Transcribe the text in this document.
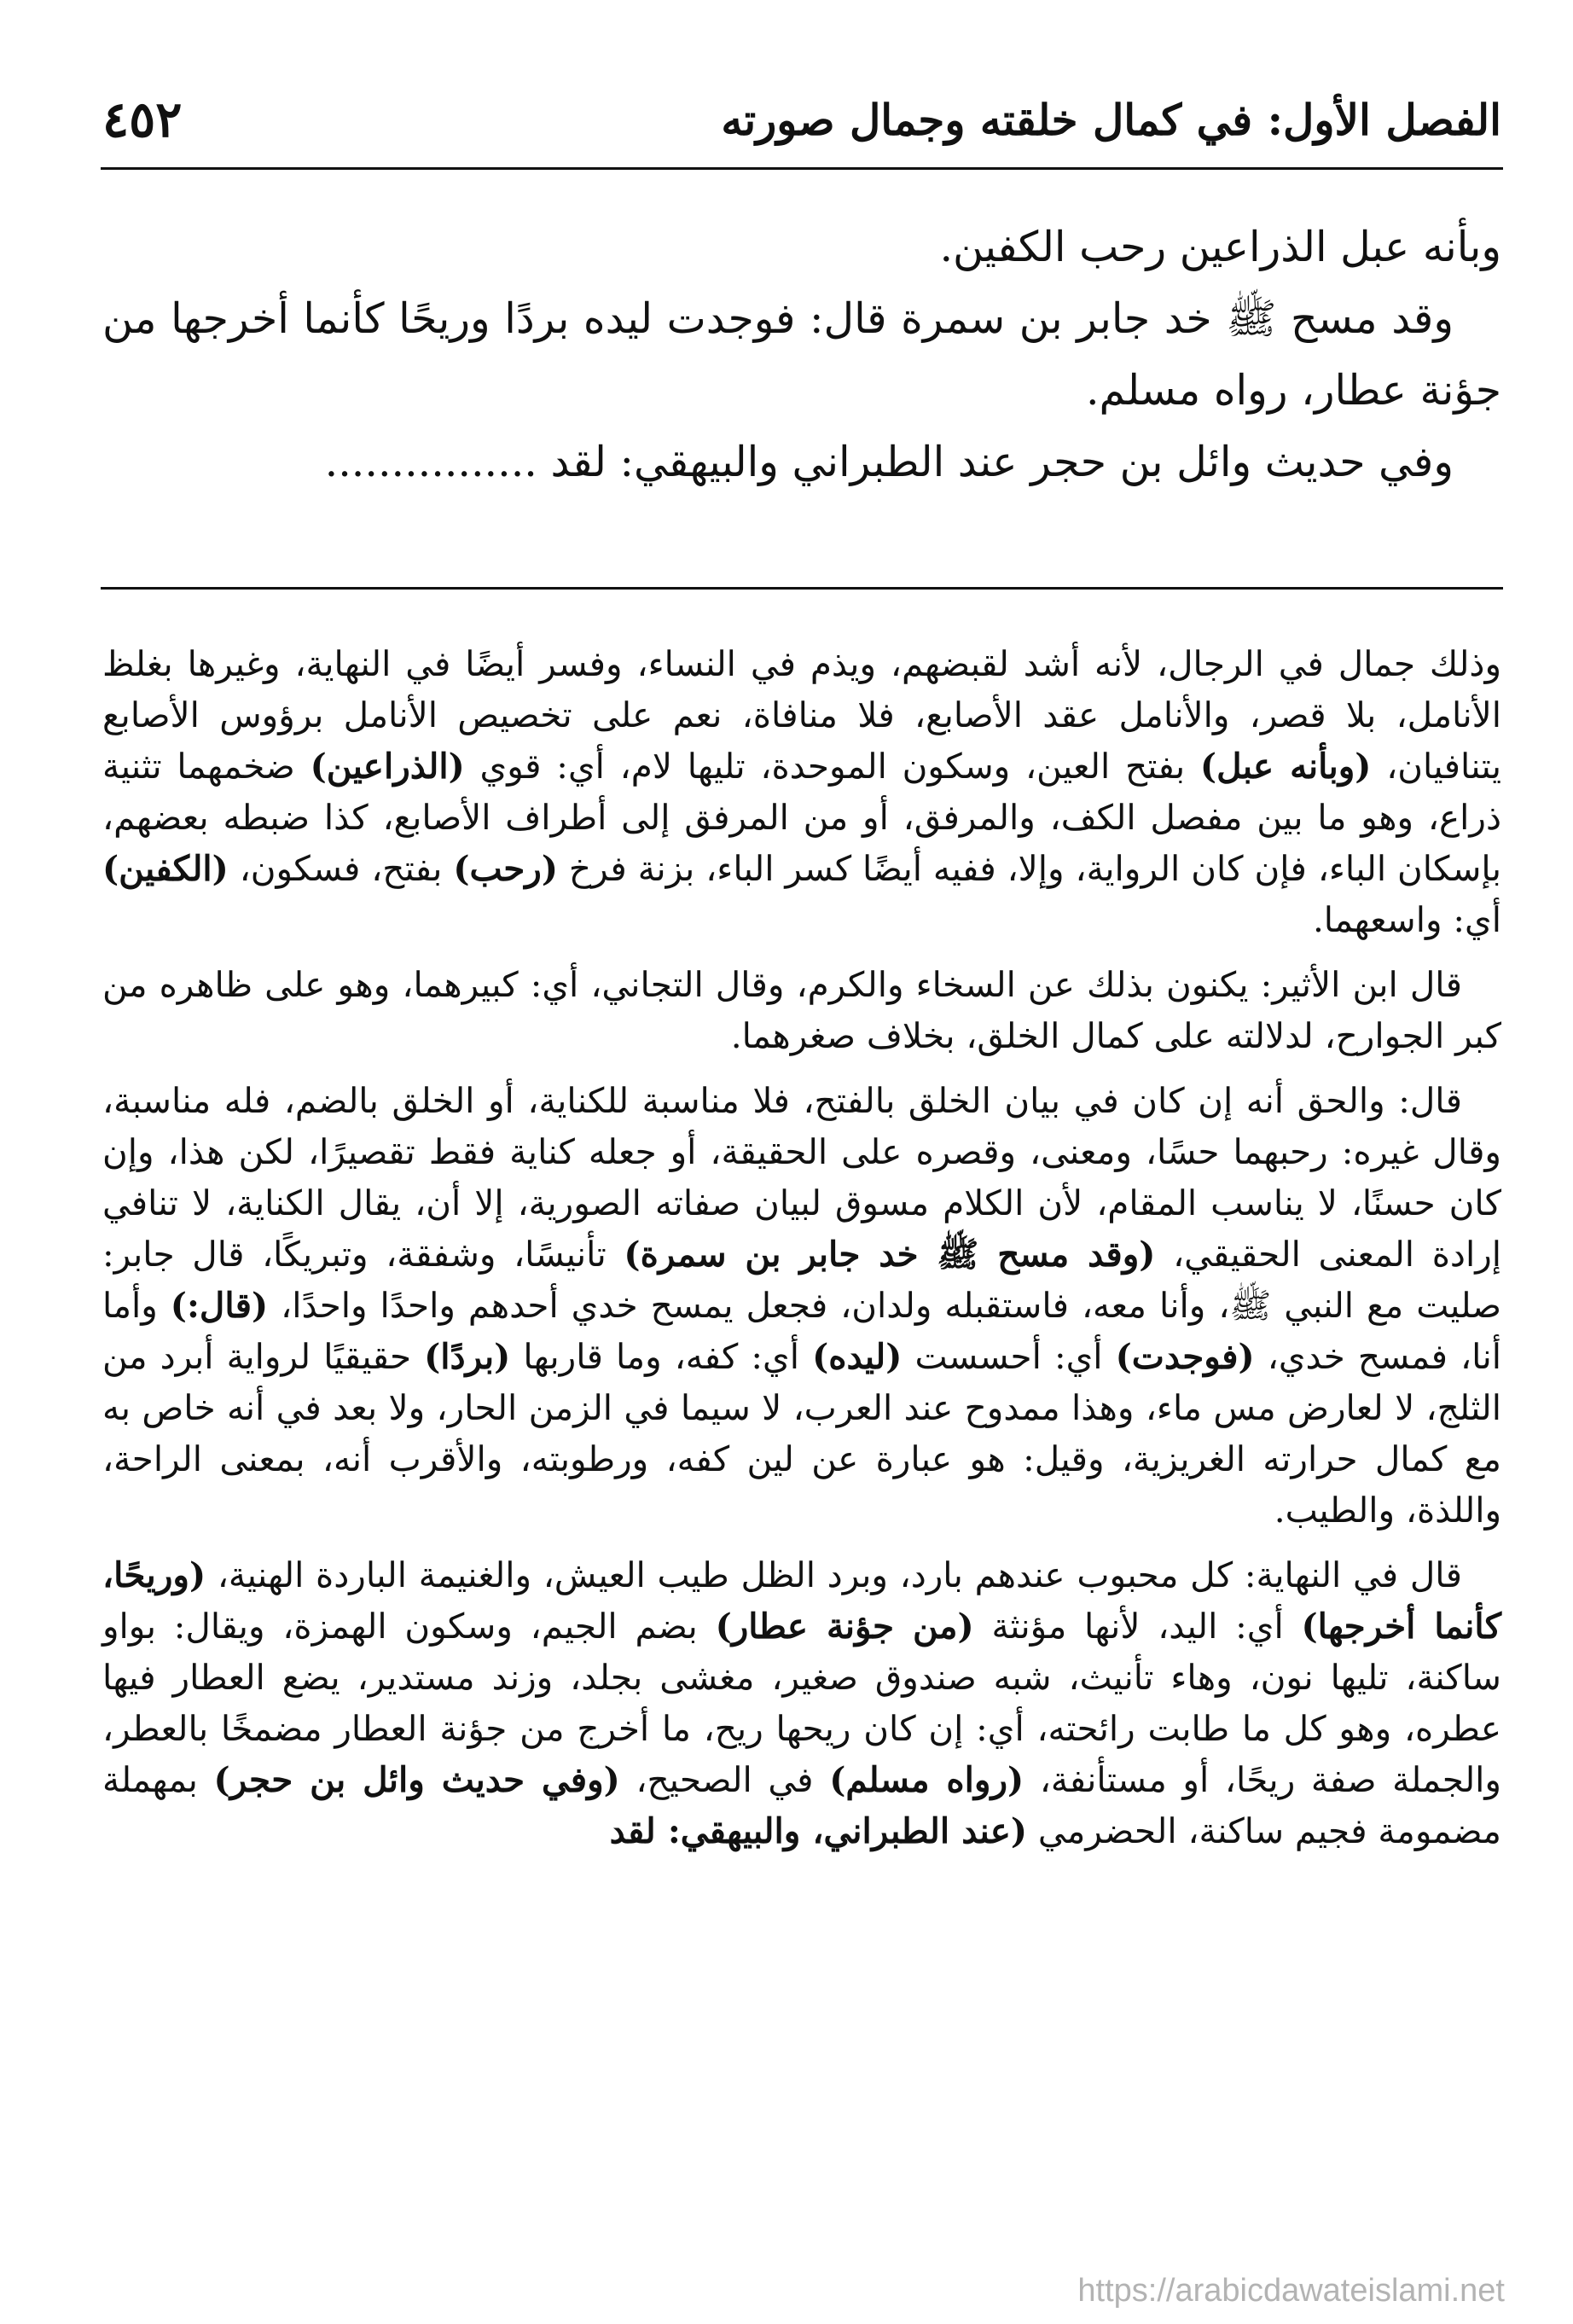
الفصل الأول: في كمال خلقته وجمال صورته
٤٥٢

وبأنه عبل الذراعين رحب الكفين.

وقد مسح ﷺ خد جابر بن سمرة قال: فوجدت ليده بردًا وريحًا كأنما أخرجها من جؤنة عطار، رواه مسلم.

وفي حديث وائل بن حجر عند الطبراني والبيهقي: لقد ................

وذلك جمال في الرجال، لأنه أشد لقبضهم، ويذم في النساء، وفسر أيضًا في النهاية، وغيرها بغلظ الأنامل، بلا قصر، والأنامل عقد الأصابع، فلا منافاة، نعم على تخصيص الأنامل برؤوس الأصابع يتنافيان، (وبأنه عبل) بفتح العين، وسكون الموحدة، تليها لام، أي: قوي (الذراعين) ضخمهما تثنية ذراع، وهو ما بين مفصل الكف، والمرفق، أو من المرفق إلى أطراف الأصابع، كذا ضبطه بعضهم، بإسكان الباء، فإن كان الرواية، وإلا، ففيه أيضًا كسر الباء، بزنة فرخ (رحب) بفتح، فسكون، (الكفين) أي: واسعهما.

قال ابن الأثير: يكنون بذلك عن السخاء والكرم، وقال التجاني، أي: كبيرهما، وهو على ظاهره من كبر الجوارح، لدلالته على كمال الخلق، بخلاف صغرهما.

قال: والحق أنه إن كان في بيان الخلق بالفتح، فلا مناسبة للكناية، أو الخلق بالضم، فله مناسبة، وقال غيره: رحبهما حسًا، ومعنى، وقصره على الحقيقة، أو جعله كناية فقط تقصيرًا، لكن هذا، وإن كان حسنًا، لا يناسب المقام، لأن الكلام مسوق لبيان صفاته الصورية، إلا أن، يقال الكناية، لا تنافي إرادة المعنى الحقيقي، (وقد مسح ﷺ خد جابر بن سمرة) تأنيسًا، وشفقة، وتبريكًا، قال جابر: صليت مع النبي ﷺ، وأنا معه، فاستقبله ولدان، فجعل يمسح خدي أحدهم واحدًا واحدًا، (قال:) وأما أنا، فمسح خدي، (فوجدت) أي: أحسست (ليده) أي: كفه، وما قاربها (بردًا) حقيقيًا لرواية أبرد من الثلج، لا لعارض مس ماء، وهذا ممدوح عند العرب، لا سيما في الزمن الحار، ولا بعد في أنه خاص به مع كمال حرارته الغريزية، وقيل: هو عبارة عن لين كفه، ورطوبته، والأقرب أنه، بمعنى الراحة، واللذة، والطيب.

قال في النهاية: كل محبوب عندهم بارد، وبرد الظل طيب العيش، والغنيمة الباردة الهنية، (وريحًا، كأنما أخرجها) أي: اليد، لأنها مؤنثة (من جؤنة عطار) بضم الجيم، وسكون الهمزة، ويقال: بواو ساكنة، تليها نون، وهاء تأنيث، شبه صندوق صغير، مغشى بجلد، وزند مستدير، يضع العطار فيها عطره، وهو كل ما طابت رائحته، أي: إن كان ريحها ريح، ما أخرج من جؤنة العطار مضمخًا بالعطر، والجملة صفة ريحًا، أو مستأنفة، (رواه مسلم) في الصحيح، (وفي حديث وائل بن حجر) بمهملة مضمومة فجيم ساكنة، الحضرمي (عند الطبراني، والبيهقي: لقد

https://arabicdawateislami.net
